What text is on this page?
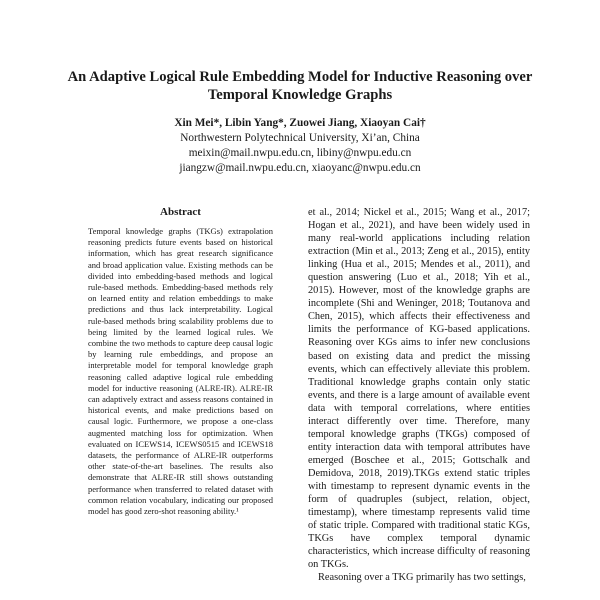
An Adaptive Logical Rule Embedding Model for Inductive Reasoning over
Temporal Knowledge Graphs
Xin Mei*, Libin Yang*, Zuowei Jiang, Xiaoyan Cai†
Northwestern Polytechnical University, Xi’an, China
meixin@mail.nwpu.edu.cn, libiny@nwpu.edu.cn
jiangzw@mail.nwpu.edu.cn, xiaoyanc@nwpu.edu.cn
Abstract
Temporal knowledge graphs (TKGs) extrapolation reasoning predicts future events based on historical information, which has great research significance and broad application value. Existing methods can be divided into embedding-based methods and logical rule-based methods. Embedding-based methods rely on learned entity and relation embeddings to make predictions and thus lack interpretability. Logical rule-based methods bring scalability problems due to being limited by the learned logical rules. We combine the two methods to capture deep causal logic by learning rule embeddings, and propose an interpretable model for temporal knowledge graph reasoning called adaptive logical rule embedding model for inductive reasoning (ALRE-IR). ALRE-IR can adaptively extract and assess reasons contained in historical events, and make predictions based on causal logic. Furthermore, we propose a one-class augmented matching loss for optimization. When evaluated on ICEWS14, ICEWS0515 and ICEWS18 datasets, the performance of ALRE-IR outperforms other state-of-the-art baselines. The results also demonstrate that ALRE-IR still shows outstanding performance when transferred to related dataset with common relation vocabulary, indicating our proposed model has good zero-shot reasoning ability.¹

et al., 2014; Nickel et al., 2015; Wang et al., 2017; Hogan et al., 2021), and have been widely used in many real-world applications including relation extraction (Min et al., 2013; Zeng et al., 2015), entity linking (Hua et al., 2015; Mendes et al., 2011), and question answering (Luo et al., 2018; Yih et al., 2015). However, most of the knowledge graphs are incomplete (Shi and Weninger, 2018; Toutanova and Chen, 2015), which affects their effectiveness and limits the performance of KG-based applications. Reasoning over KGs aims to infer new conclusions based on existing data and predict the missing events, which can effectively alleviate this problem. Traditional knowledge graphs contain only static events, and there is a large amount of available event data with temporal correlations, where entities interact differently over time. Therefore, many temporal knowledge graphs (TKGs) composed of entity interaction data with temporal attributes have emerged (Boschee et al., 2015; Gottschalk and Demidova, 2018, 2019).TKGs extend static triples with timestamp to represent dynamic events in the form of quadruples (subject, relation, object, timestamp), where timestamp represents valid time of static triple. Compared with traditional static KGs, TKGs have complex temporal dynamic characteristics, which increase difficulty of reasoning on TKGs.

Reasoning over a TKG primarily has two settings,
